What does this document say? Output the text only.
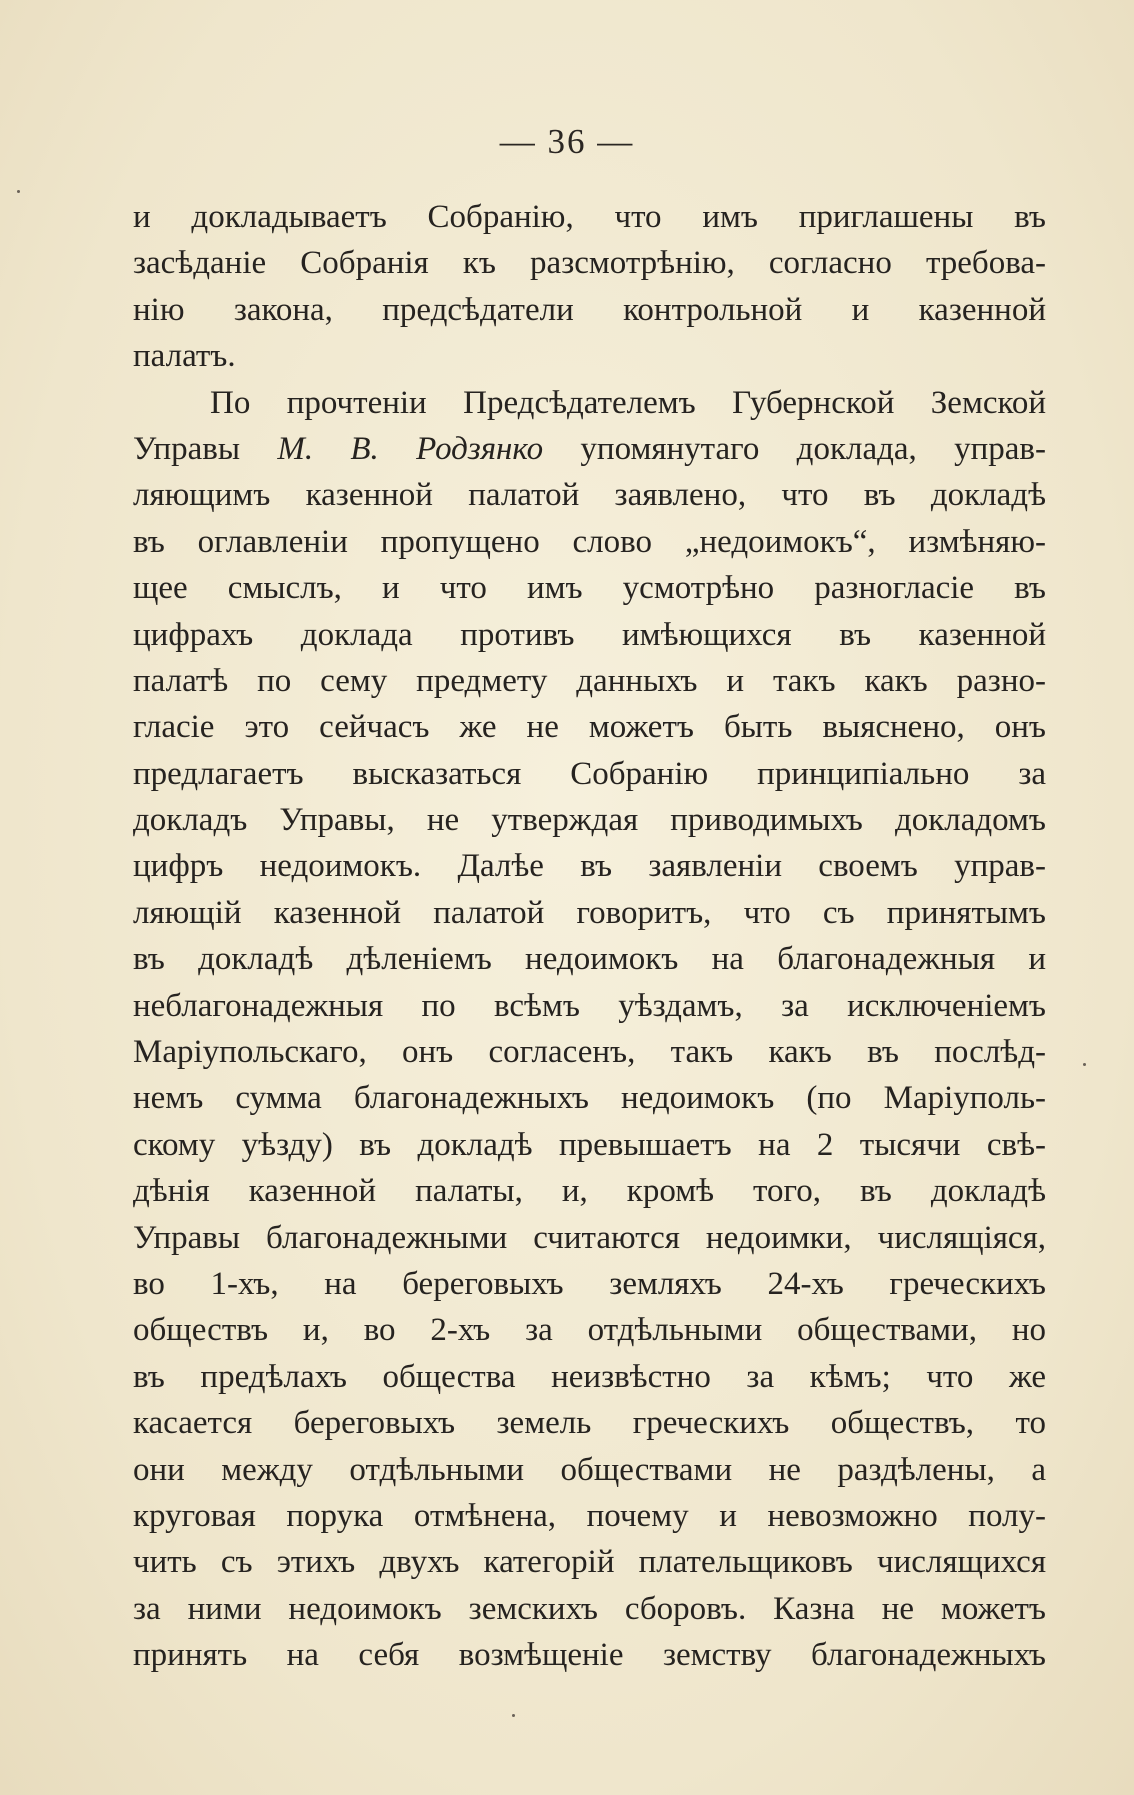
— 36 —
и докладываетъ Собранію, что имъ приглашены въ
засѣданіе Собранія къ разсмотрѣнію, согласно требова-
нію закона, предсѣдатели контрольной и казенной
палатъ.
По прочтеніи Предсѣдателемъ Губернской Земской
Управы М. В. Родзянко упомянутаго доклада, управ-
ляющимъ казенной палатой заявлено, что въ докладѣ
въ оглавленіи пропущено слово „недоимокъ“, измѣняю-
щее смыслъ, и что имъ усмотрѣно разногласіе въ
цифрахъ доклада противъ имѣющихся въ казенной
палатѣ по сему предмету данныхъ и такъ какъ разно-
гласіе это сейчасъ же не можетъ быть выяснено, онъ
предлагаетъ высказаться Собранію принципіально за
докладъ Управы, не утверждая приводимыхъ докладомъ
цифръ недоимокъ. Далѣе въ заявленіи своемъ управ-
ляющій казенной палатой говоритъ, что съ принятымъ
въ докладѣ дѣленіемъ недоимокъ на благонадежныя и
неблагонадежныя по всѣмъ уѣздамъ, за исключеніемъ
Маріупольскаго, онъ согласенъ, такъ какъ въ послѣд-
немъ сумма благонадежныхъ недоимокъ (по Маріуполь-
скому уѣзду) въ докладѣ превышаетъ на 2 тысячи свѣ-
дѣнія казенной палаты, и, кромѣ того, въ докладѣ
Управы благонадежными считаются недоимки, числящіяся,
во 1-хъ, на береговыхъ земляхъ 24-хъ греческихъ
обществъ и, во 2-хъ за отдѣльными обществами, но
въ предѣлахъ общества неизвѣстно за кѣмъ; что же
касается береговыхъ земель греческихъ обществъ, то
они между отдѣльными обществами не раздѣлены, а
круговая порука отмѣнена, почему и невозможно полу-
чить съ этихъ двухъ категорій плательщиковъ числящихся
за ними недоимокъ земскихъ сборовъ. Казна не можетъ
принять на себя возмѣщеніе земству благонадежныхъ
